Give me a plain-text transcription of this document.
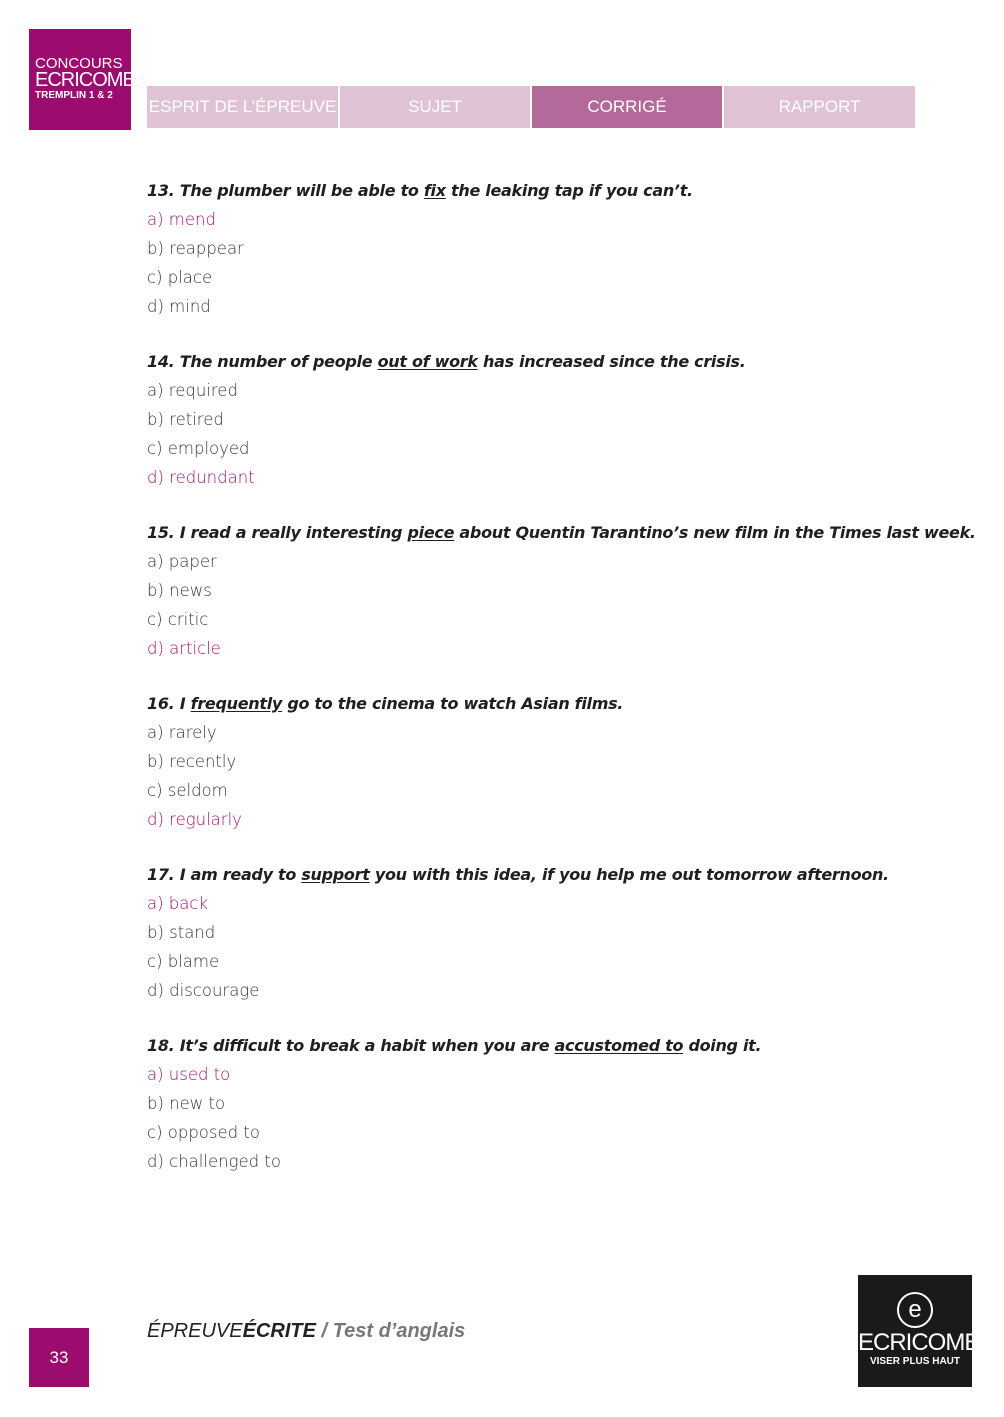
CONCOURS
ECRICOME
TREMPLIN 1 & 2
ESPRIT DE L’ÉPREUVE	SUJET	CORRIGÉ	RAPPORT
13. The plumber will be able to fix the leaking tap if you can’t.
a) mend
b) reappear
c) place
d) mind
14. The number of people out of work has increased since the crisis.
a) required
b) retired
c) employed
d) redundant
15. I read a really interesting piece about Quentin Tarantino’s new film in the Times last week.
a) paper
b) news
c) critic
d) article
16. I frequently go to the cinema to watch Asian films.
a) rarely
b) recently
c) seldom
d) regularly
17. I am ready to support you with this idea, if you help me out tomorrow afternoon.
a) back
b) stand
c) blame
d) discourage
18. It’s difficult to break a habit when you are accustomed to doing it.
a) used to
b) new to
c) opposed to
d) challenged to
ÉPREUVEÉCRITE / Test d’anglais
33
e
ECRICOME
VISER PLUS HAUT
